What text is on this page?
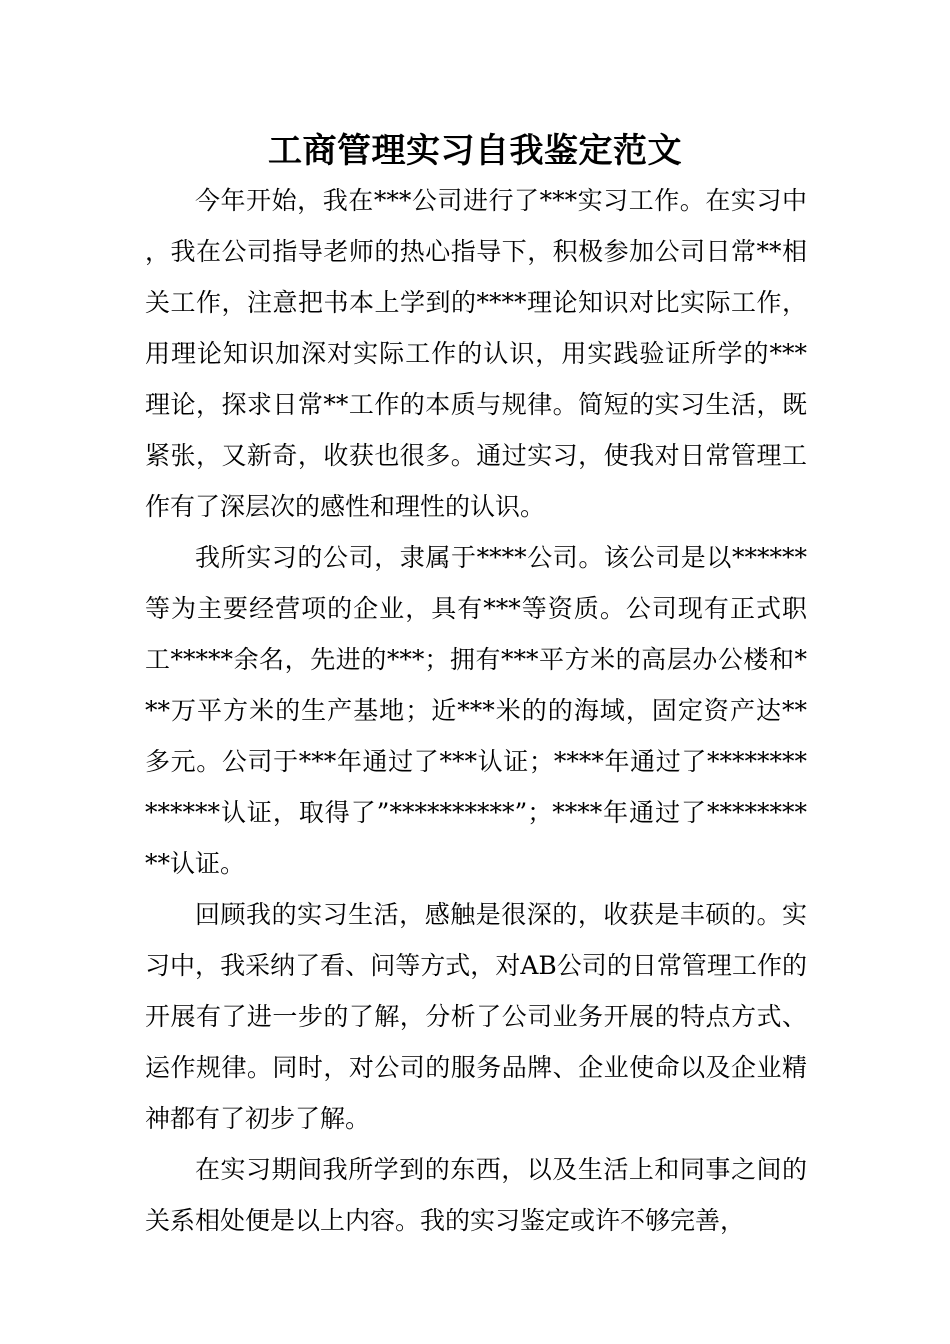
工商管理实习自我鉴定范文

今年开始，我在***公司进行了***实习工作。在实习中，我在公司指导老师的热心指导下，积极参加公司日常**相关工作，注意把书本上学到的****理论知识对比实际工作，用理论知识加深对实际工作的认识，用实践验证所学的***理论，探求日常**工作的本质与规律。简短的实习生活，既紧张，又新奇，收获也很多。通过实习，使我对日常管理工作有了深层次的感性和理性的认识。

我所实习的公司，隶属于****公司。该公司是以******等为主要经营项的企业，具有***等资质。公司现有正式职工*****余名，先进的***；拥有***平方米的高层办公楼和***万平方米的生产基地；近***米的的海域，固定资产达**多元。公司于***年通过了***认证；****年通过了**************认证，取得了”**********”；****年通过了**********认证。

回顾我的实习生活，感触是很深的，收获是丰硕的。实习中，我采纳了看、问等方式，对AB公司的日常管理工作的开展有了进一步的了解，分析了公司业务开展的特点方式、运作规律。同时，对公司的服务品牌、企业使命以及企业精神都有了初步了解。

在实习期间我所学到的东西，以及生活上和同事之间的关系相处便是以上内容。我的实习鉴定或许不够完善，
